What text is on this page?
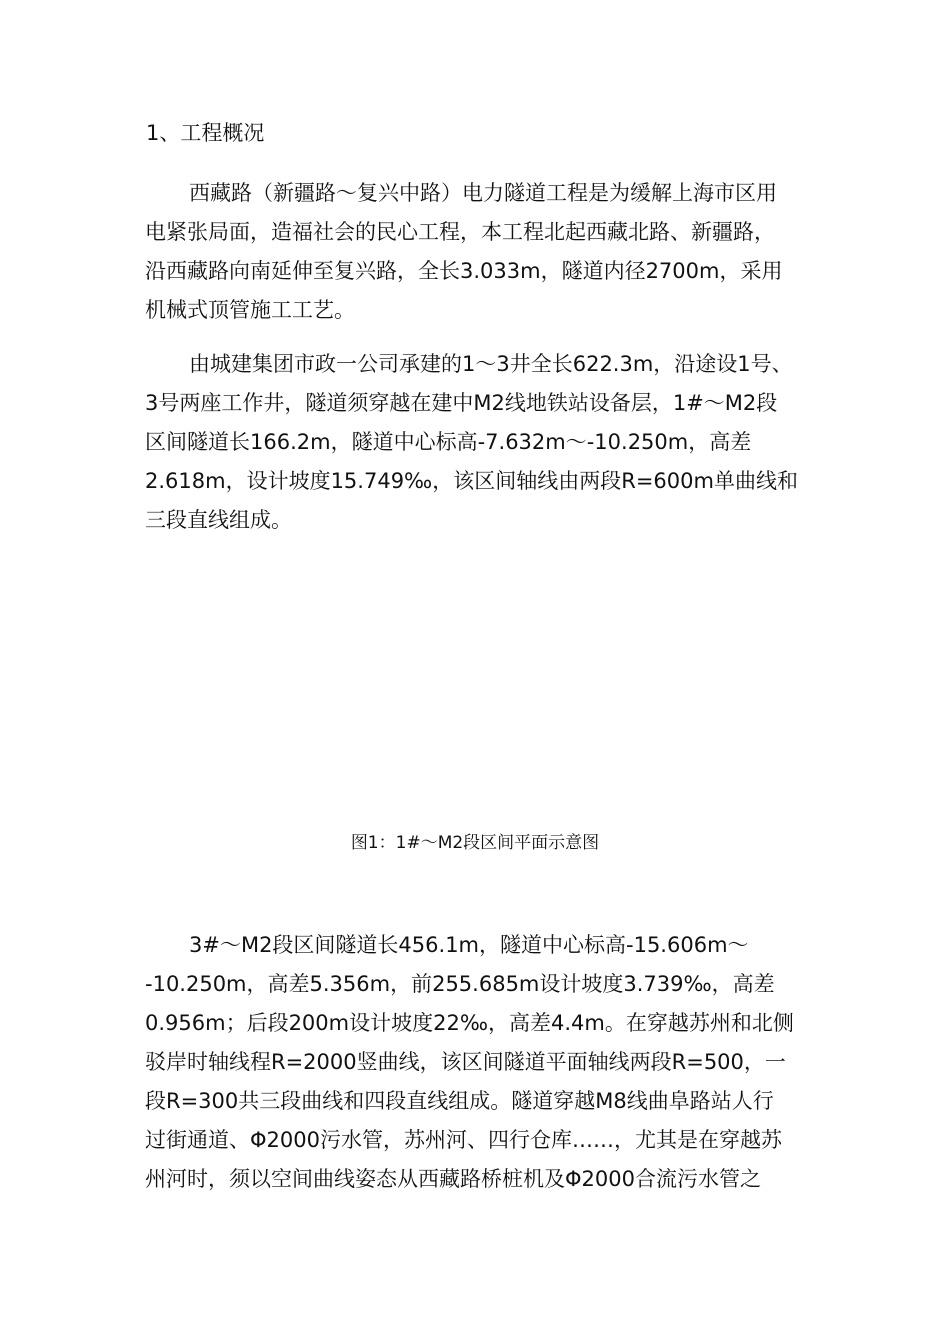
1、工程概况
西藏路（新疆路～复兴中路）电力隧道工程是为缓解上海市区用
电紧张局面，造福社会的民心工程，本工程北起西藏北路、新疆路，
沿西藏路向南延伸至复兴路，全长3.033m，隧道内径2700m，采用
机械式顶管施工工艺。
由城建集团市政一公司承建的1～3井全长622.3m，沿途设1号、
3号两座工作井，隧道须穿越在建中M2线地铁站设备层，1#～M2段
区间隧道长166.2m，隧道中心标高-7.632m～-10.250m，高差
2.618m，设计坡度15.749‰，该区间轴线由两段R=600m单曲线和
三段直线组成。

图1：1#～M2段区间平面示意图

3#～M2段区间隧道长456.1m，隧道中心标高-15.606m～
-10.250m，高差5.356m，前255.685m设计坡度3.739‰，高差
0.956m；后段200m设计坡度22‰，高差4.4m。在穿越苏州和北侧
驳岸时轴线程R=2000竖曲线，该区间隧道平面轴线两段R=500，一
段R=300共三段曲线和四段直线组成。隧道穿越M8线曲阜路站人行
过街通道、Φ2000污水管，苏州河、四行仓库……，尤其是在穿越苏
州河时，须以空间曲线姿态从西藏路桥桩机及Φ2000合流污水管之
